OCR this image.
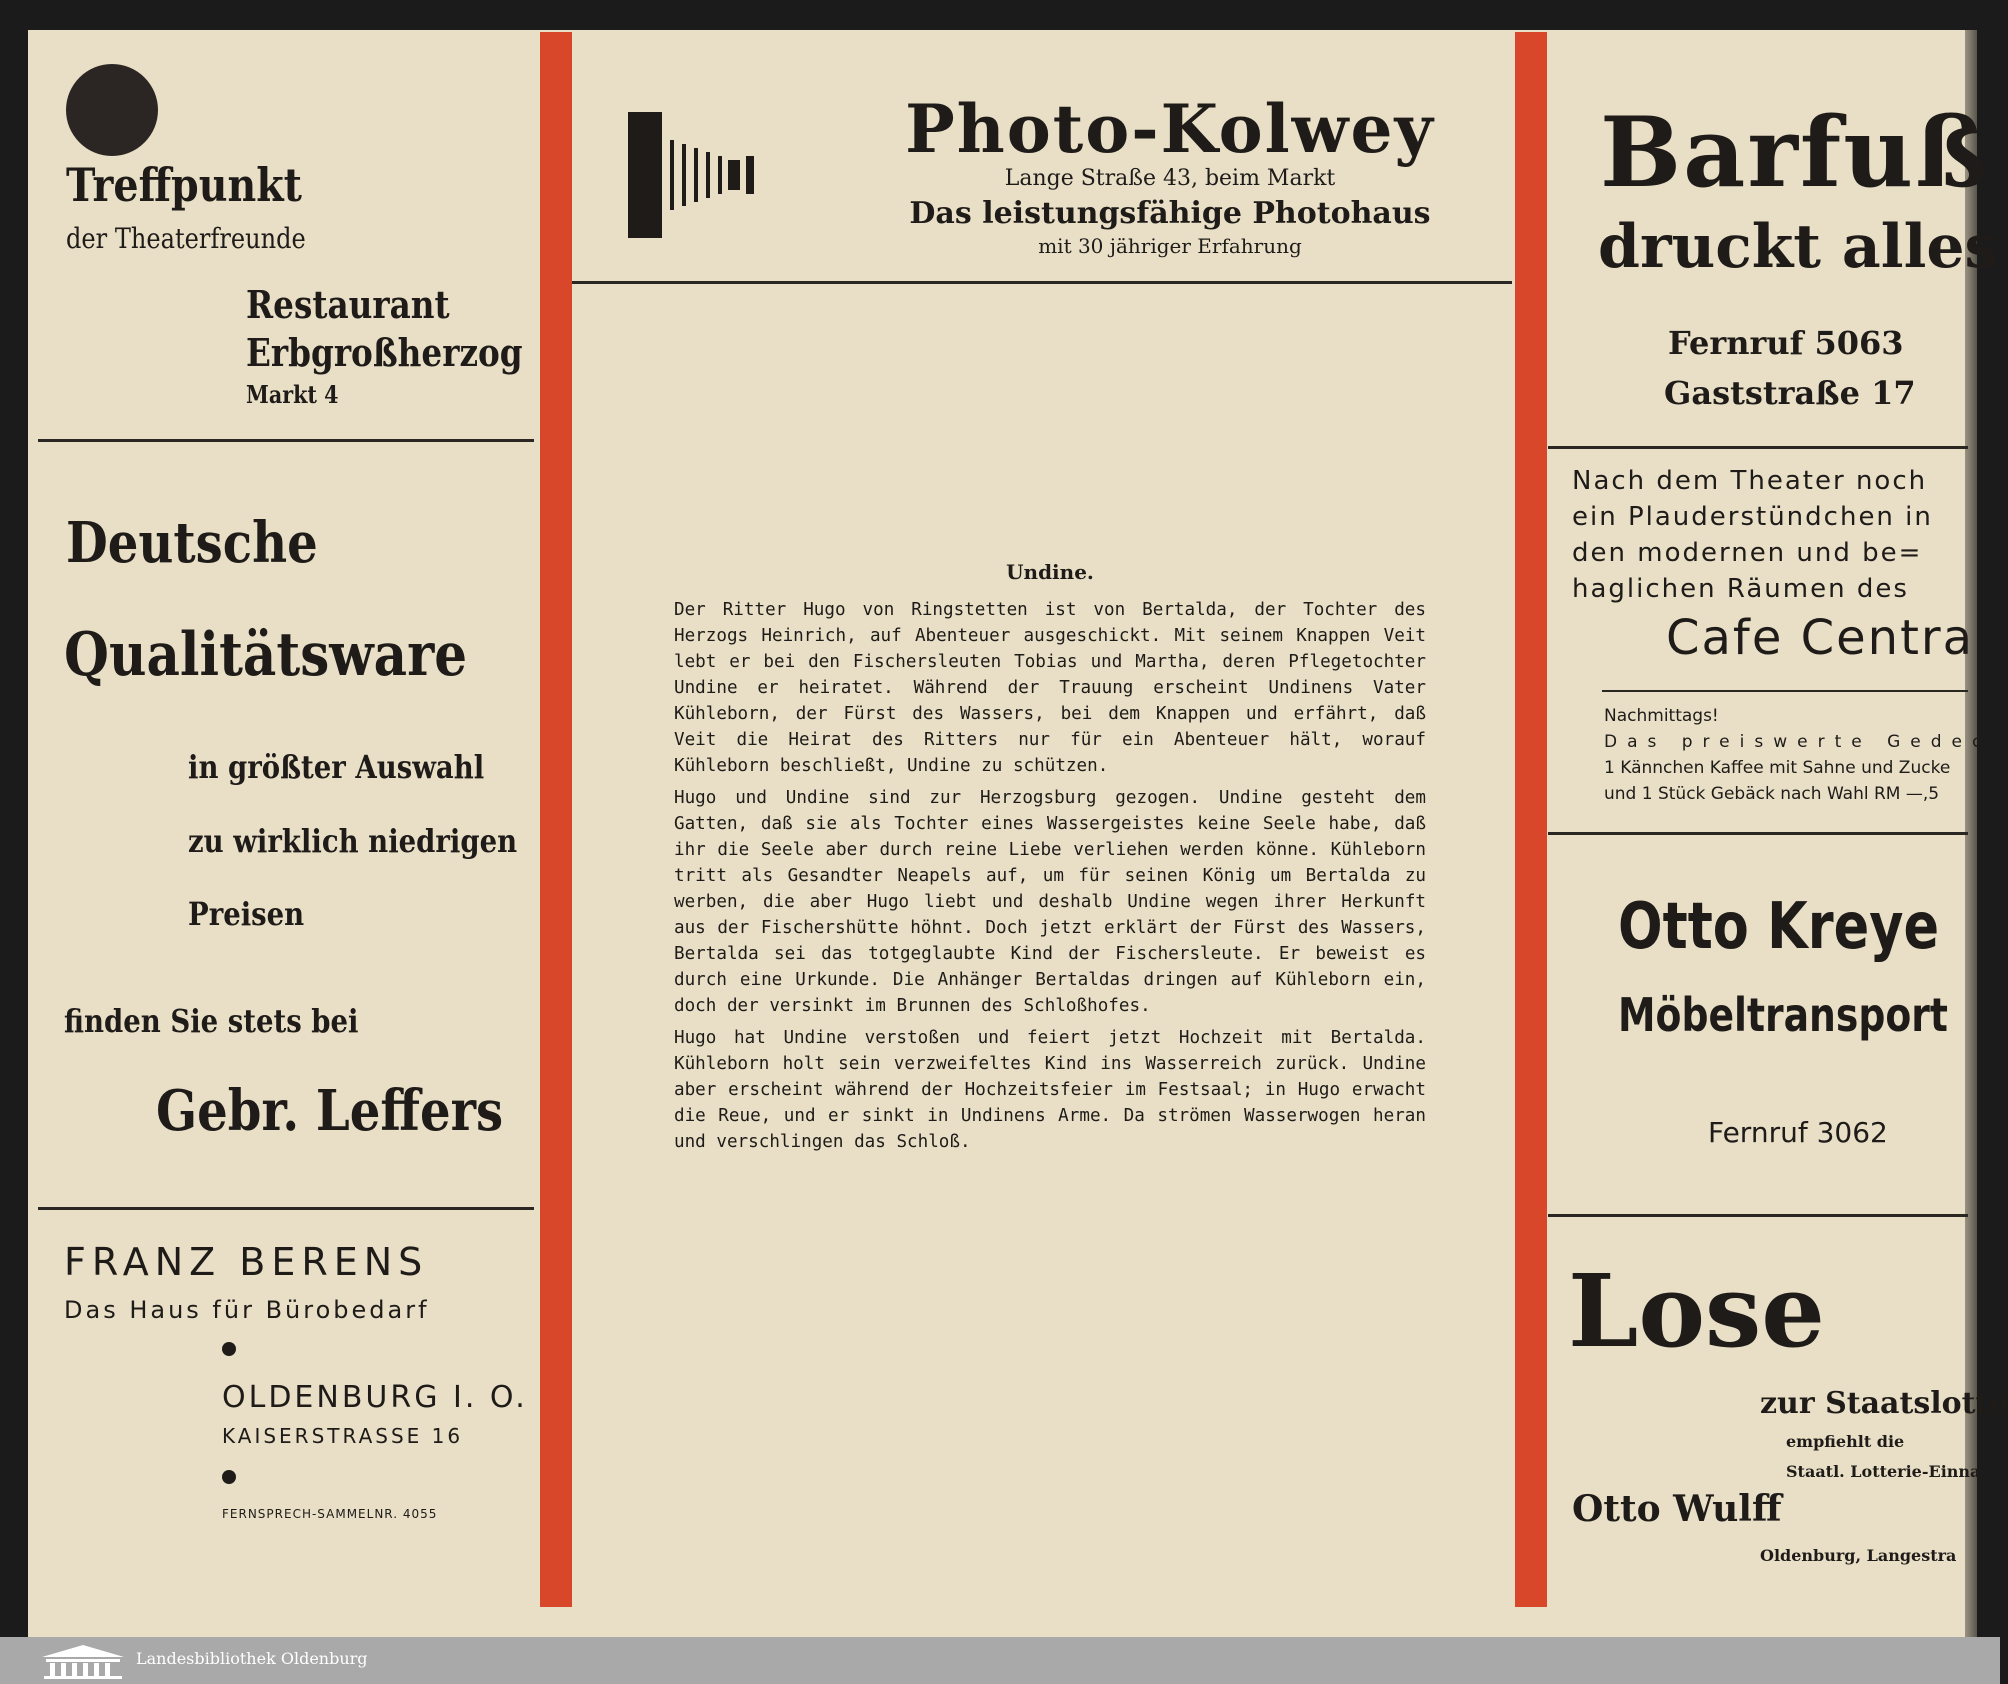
Treffpunkt
der Theaterfreunde
Restaurant
Erbgroßherzog
Markt 4
Deutsche
Qualitätsware
in größter Auswahl
zu wirklich niedrigen
Preisen
finden Sie stets bei
Gebr. Leffers
FRANZ BERENS
Das Haus für Bürobedarf
OLDENBURG I. O.
KAISERSTRASSE 16
FERNSPRECH-SAMMELNR. 4055
Photo-Kolwey
Lange Straße 43, beim Markt
Das leistungsfähige Photohaus
mit 30 jähriger Erfahrung
Undine.

Der Ritter Hugo von Ringstetten ist von Bertalda, der Tochter des Herzogs Heinrich, auf Abenteuer ausgeschickt. Mit seinem Knappen Veit lebt er bei den Fischersleuten Tobias und Martha, deren Pflegetochter Undine er heiratet. Während der Trauung erscheint Undinens Vater Kühleborn, der Fürst des Wassers, bei dem Knappen und erfährt, daß Veit die Heirat des Ritters nur für ein Abenteuer hält, worauf Kühleborn beschließt, Undine zu schützen.

Hugo und Undine sind zur Herzogsburg gezogen. Undine gesteht dem Gatten, daß sie als Tochter eines Wassergeistes keine Seele habe, daß ihr die Seele aber durch reine Liebe verliehen werden könne. Kühleborn tritt als Gesandter Neapels auf, um für seinen König um Bertalda zu werben, die aber Hugo liebt und deshalb Undine wegen ihrer Herkunft aus der Fischershütte höhnt. Doch jetzt erklärt der Fürst des Wassers, Bertalda sei das totgeglaubte Kind der Fischersleute. Er beweist es durch eine Urkunde. Die Anhänger Bertaldas dringen auf Kühleborn ein, doch der versinkt im Brunnen des Schloßhofes.

Hugo hat Undine verstoßen und feiert jetzt Hochzeit mit Bertalda. Kühleborn holt sein verzweifeltes Kind ins Wasserreich zurück. Undine aber erscheint während der Hochzeitsfeier im Festsaal; in Hugo erwacht die Reue, und er sinkt in Undinens Arme. Da strömen Wasserwogen heran und verschlingen das Schloß.

Barfuß
druckt alles
Fernruf 5063
Gaststraße 17
Nach dem Theater noch
ein Plauderstündchen in
den modernen und be=
haglichen Räumen des
Cafe Centra
Nachmittags!
Das preiswerte Gedec
1 Kännchen Kaffee mit Sahne und Zucke
und 1 Stück Gebäck nach Wahl RM —,5
Otto Kreye
Möbeltransport
Fernruf 3062
Lose
zur Staatslotte
empfiehlt die
Staatl. Lotterie-Einna
Otto Wulff
Oldenburg, Langestra
Landesbibliothek Oldenburg
